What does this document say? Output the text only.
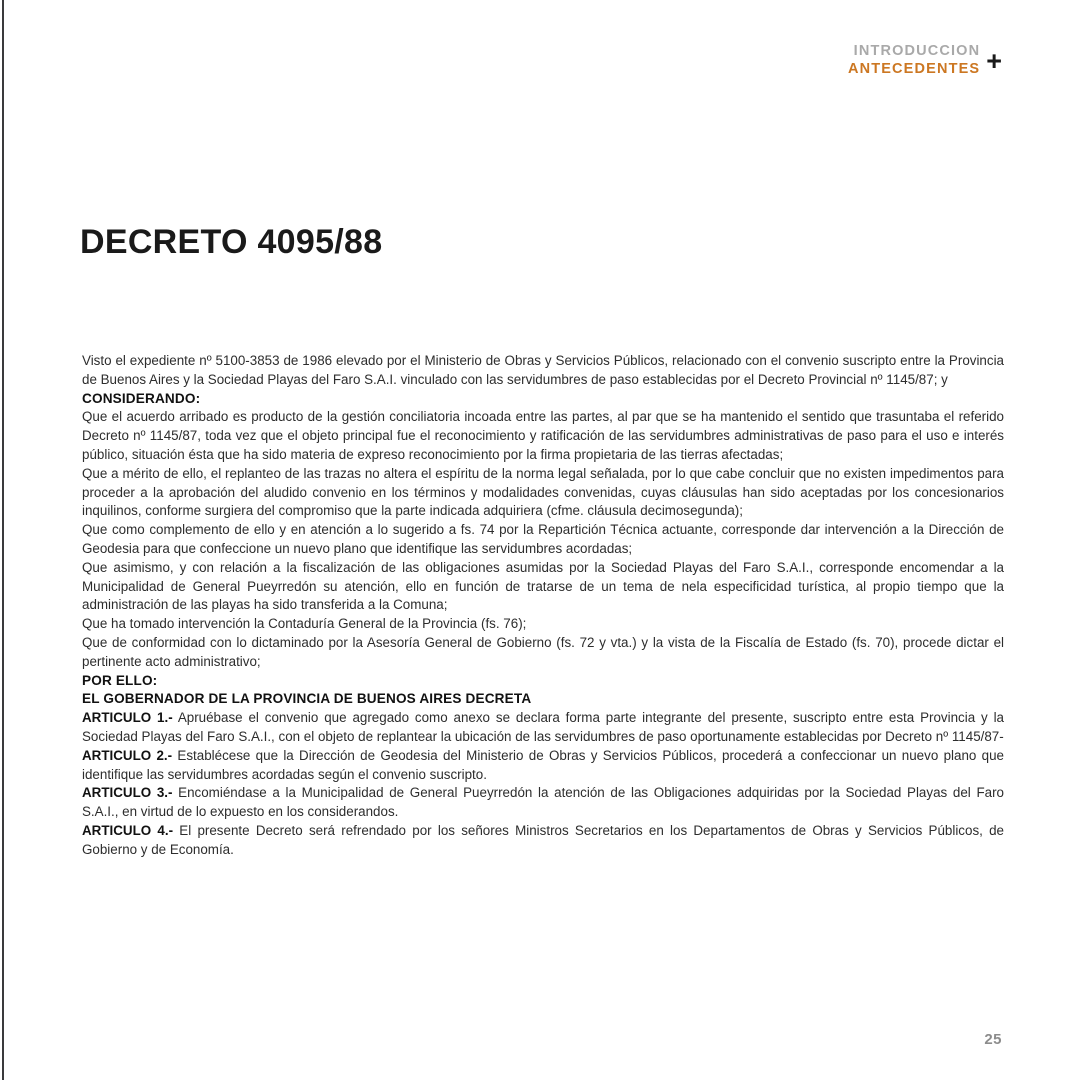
INTRODUCCION
ANTECEDENTES +
DECRETO 4095/88

Visto el expediente nº 5100-3853 de 1986 elevado por el Ministerio de Obras y Servicios Públicos, relacionado con el convenio suscripto entre la Provincia de Buenos Aires y la Sociedad Playas del Faro S.A.I. vinculado con las servidumbres de paso establecidas por el Decreto Provincial nº 1145/87; y

CONSIDERANDO:

Que el acuerdo arribado es producto de la gestión conciliatoria incoada entre las partes, al par que se ha mantenido el sentido que trasuntaba el referido Decreto nº 1145/87, toda vez que el objeto principal fue el reconocimiento y ratificación de las servidumbres administrativas de paso para el uso e interés público, situación ésta que ha sido materia de expreso reconocimiento por la firma propietaria de las tierras afectadas;

Que a mérito de ello, el replanteo de las trazas no altera el espíritu de la norma legal señalada, por lo que cabe concluir que no existen impedimentos para proceder a la aprobación del aludido convenio en los términos y modalidades convenidas, cuyas cláusulas han sido aceptadas por los concesionarios inquilinos, conforme surgiera del compromiso que la parte indicada adquiriera (cfme. cláusula decimosegunda);

Que como complemento de ello y en atención a lo sugerido a fs. 74 por la Repartición Técnica actuante, corresponde dar intervención a la Dirección de Geodesia para que confeccione un nuevo plano que identifique las servidumbres acordadas;

Que asimismo, y con relación a la fiscalización de las obligaciones asumidas por la Sociedad Playas del Faro S.A.I., corresponde encomendar a la Municipalidad de General Pueyrredón su atención, ello en función de tratarse de un tema de nela especificidad turística, al propio tiempo que la administración de las playas ha sido transferida a la Comuna;

Que ha tomado intervención la Contaduría General de la Provincia (fs. 76);

Que de conformidad con lo dictaminado por la Asesoría General de Gobierno (fs. 72 y vta.) y la vista de la Fiscalía de Estado (fs. 70), procede dictar el pertinente acto administrativo;

POR ELLO:

EL GOBERNADOR DE LA PROVINCIA DE BUENOS AIRES DECRETA

ARTICULO 1.- Apruébase el convenio que agregado como anexo se declara forma parte integrante del presente, suscripto entre esta Provincia y la Sociedad Playas del Faro S.A.I., con el objeto de replantear la ubicación de las servidumbres de paso oportunamente establecidas por Decreto nº 1145/87-

ARTICULO 2.- Establécese que la Dirección de Geodesia del Ministerio de Obras y Servicios Públicos, procederá a confeccionar un nuevo plano que identifique las servidumbres acordadas según el convenio suscripto.

ARTICULO 3.- Encomiéndase a la Municipalidad de General Pueyrredón la atención de las Obligaciones adquiridas por la Sociedad Playas del Faro S.A.I., en virtud de lo expuesto en los considerandos.

ARTICULO 4.- El presente Decreto será refrendado por los señores Ministros Secretarios en los Departamentos de Obras y Servicios Públicos, de Gobierno y de Economía.

25
